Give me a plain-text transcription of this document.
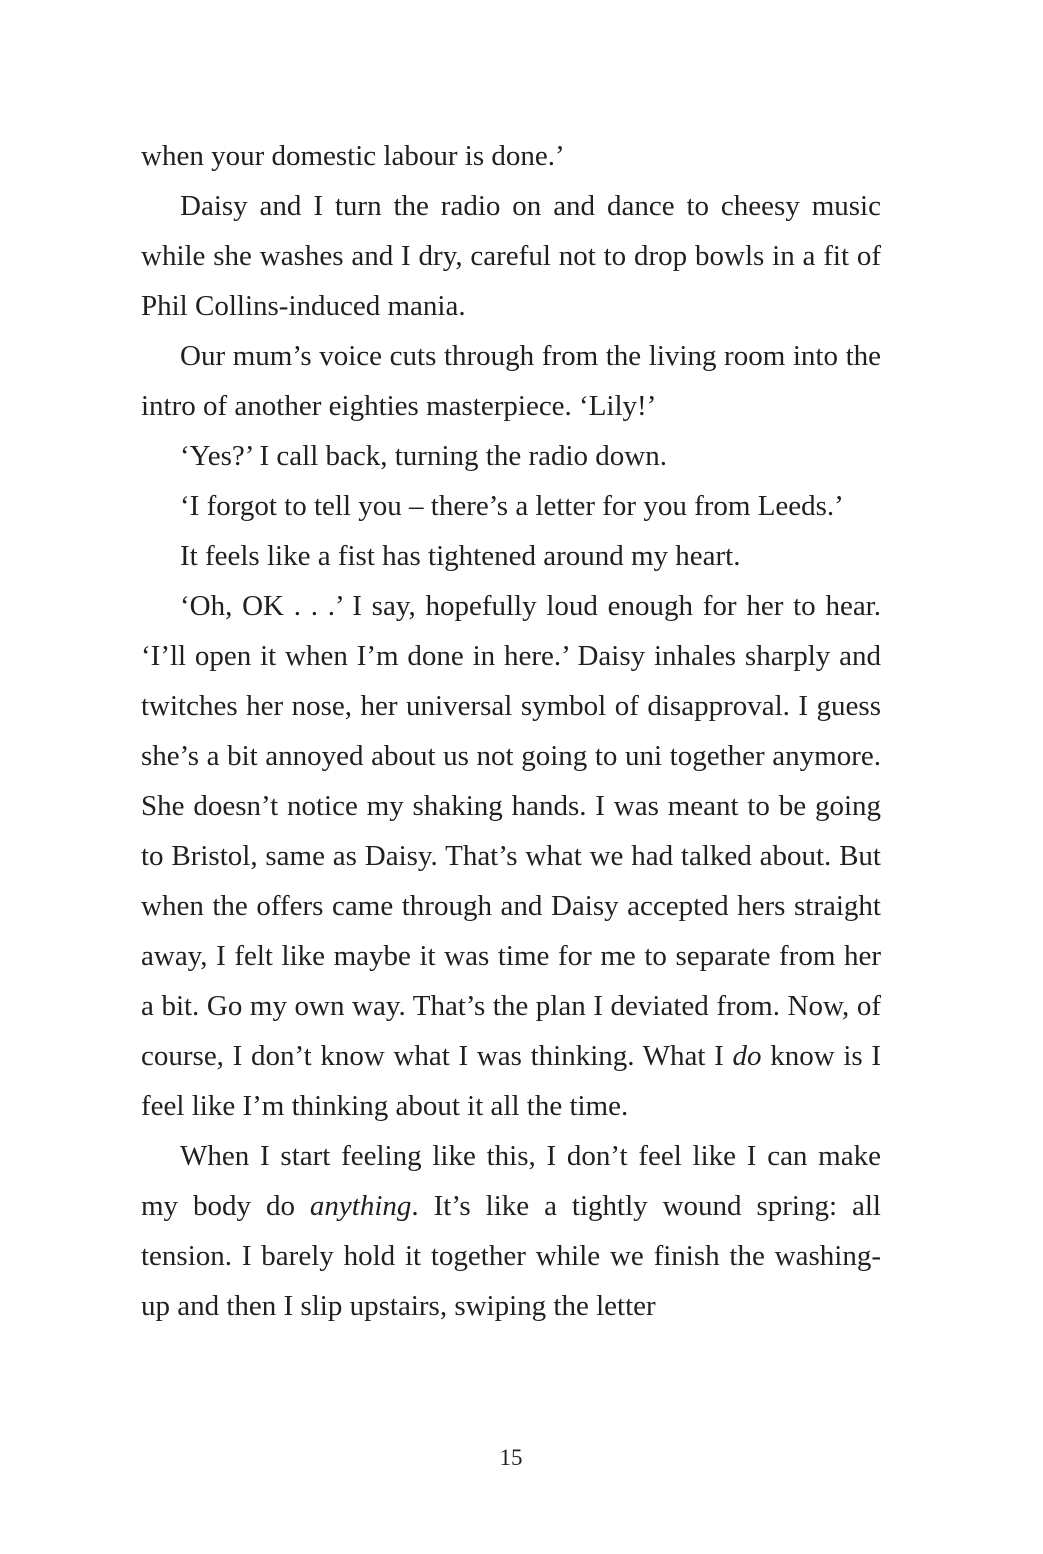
when your domestic labour is done.’

Daisy and I turn the radio on and dance to cheesy music while she washes and I dry, careful not to drop bowls in a fit of Phil Collins-induced mania.

Our mum’s voice cuts through from the living room into the intro of another eighties masterpiece. ‘Lily!’

‘Yes?’ I call back, turning the radio down.

‘I forgot to tell you – there’s a letter for you from Leeds.’

It feels like a fist has tightened around my heart.

‘Oh, OK . . .’ I say, hopefully loud enough for her to hear. ‘I’ll open it when I’m done in here.’ Daisy inhales sharply and twitches her nose, her universal symbol of disapproval. I guess she’s a bit annoyed about us not going to uni together anymore. She doesn’t notice my shaking hands. I was meant to be going to Bristol, same as Daisy. That’s what we had talked about. But when the offers came through and Daisy accepted hers straight away, I felt like maybe it was time for me to separate from her a bit. Go my own way. That’s the plan I deviated from. Now, of course, I don’t know what I was thinking. What I do know is I feel like I’m thinking about it all the time.

When I start feeling like this, I don’t feel like I can make my body do anything. It’s like a tightly wound spring: all tension. I barely hold it together while we finish the washing-up and then I slip upstairs, swiping the letter

15
